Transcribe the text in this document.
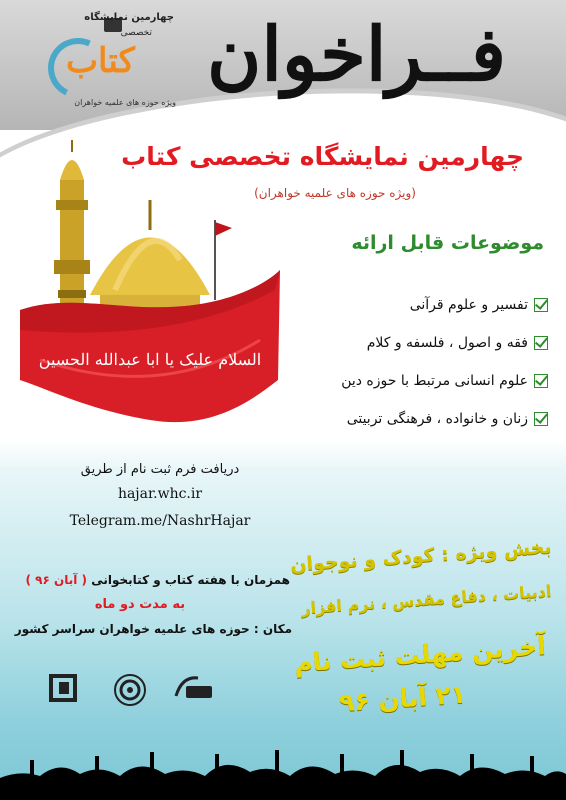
فــراخوان
چهارمین نمایشگاه
تخصصی
کتاب
ویژه حوزه های علمیه خواهران
السلام علیک یا ابا عبدالله الحسین
چهارمین نمایشگاه تخصصی کتاب
(ویژه حوزه های علمیه خواهران)
موضوعات قابل ارائه
تفسیر و علوم قرآنی
فقه و اصول ، فلسفه و کلام
علوم انسانی مرتبط با حوزه دین
زنان و خانواده ، فرهنگی تربیتی
دریافت فرم ثبت نام از طریق
hajar.whc.ir
Telegram.me/NashrHajar
همزمان با هفته کتاب و کتابخوانی ( آبان ۹۶ )
به مدت دو ماه
مکان : حوزه های علمیه خواهران سراسر کشور
بخش ویژه : کودک و نوجوان
ادبیات ، دفاع مقدس ، نرم افزار
آخرین مهلت ثبت نام
۲۱ آبان ۹۶
